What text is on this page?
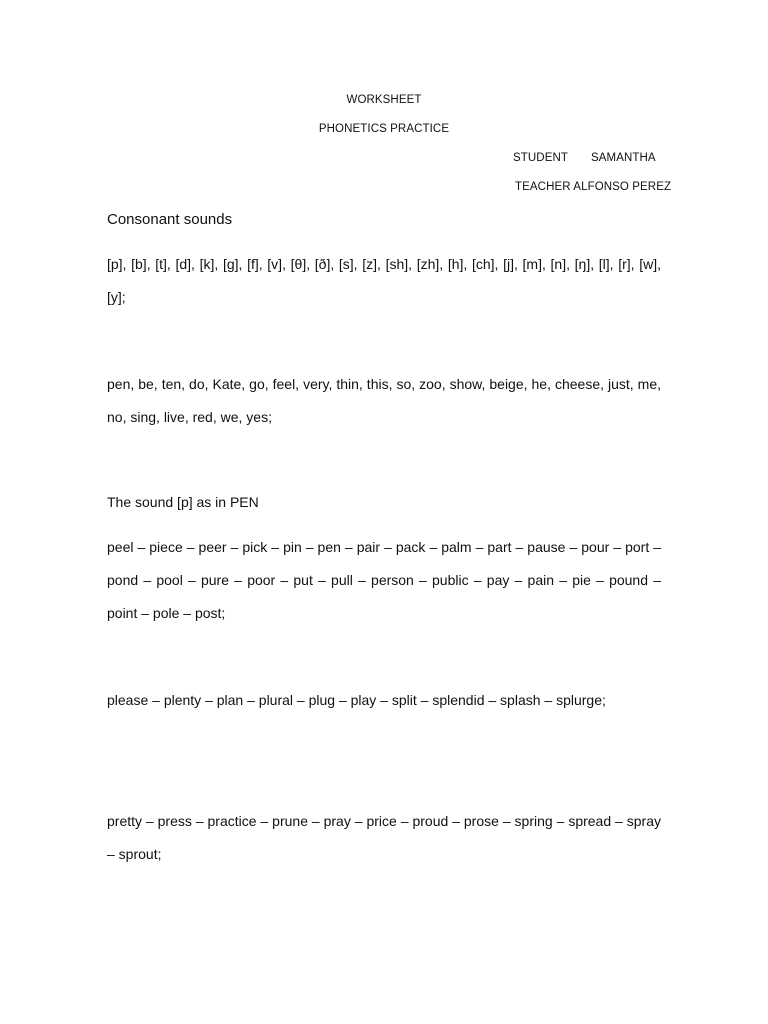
WORKSHEET
PHONETICS PRACTICE
STUDENT SAMANTHA
TEACHER ALFONSO PEREZ
Consonant sounds
[p], [b], [t], [d], [k], [g], [f], [v], [θ], [ð], [s], [z], [sh], [zh], [h], [ch], [j], [m], [n], [ŋ], [l], [r], [w], [y];
pen, be, ten, do, Kate, go, feel, very, thin, this, so, zoo, show, beige, he, cheese, just, me, no, sing, live, red, we, yes;
The sound [p] as in PEN
peel – piece – peer – pick – pin – pen – pair – pack – palm – part – pause – pour – port – pond – pool – pure – poor – put – pull – person – public – pay – pain – pie – pound – point – pole – post;
please – plenty – plan – plural – plug – play – split – splendid – splash – splurge;
pretty – press – practice – prune – pray – price – proud – prose – spring – spread – spray – sprout;
